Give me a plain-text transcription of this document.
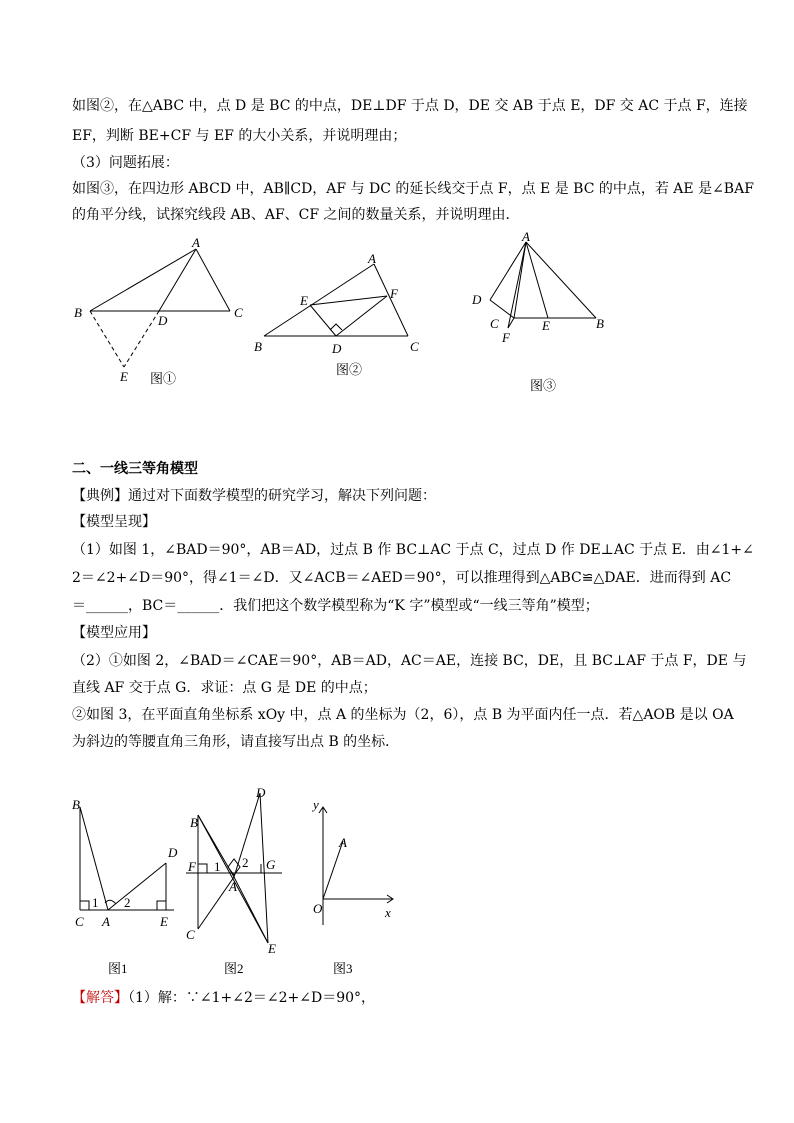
如图②，在△ABC 中，点 D 是 BC 的中点，DE⊥DF 于点 D，DE 交 AB 于点 E，DF 交 AC 于点 F，连接
EF，判断 BE+CF 与 EF 的大小关系，并说明理由；
（3）问题拓展：
如图③，在四边形 ABCD 中，AB∥CD，AF 与 DC 的延长线交于点 F，点 E 是 BC 的中点，若 AE 是∠BAF
的角平分线，试探究线段 AB、AF、CF 之间的数量关系，并说明理由．
A
B	C
D
E 图①
A
B	C
D
E	F
图②
A
D
C	E	B
F
图③
二、一线三等角模型
【典例】通过对下面数学模型的研究学习，解决下列问题：
【模型呈现】
（1）如图 1，∠BAD＝90°，AB＝AD，过点 B 作 BC⊥AC 于点 C，过点 D 作 DE⊥AC 于点 E．由∠1+∠
2＝∠2+∠D＝90°，得∠1＝∠D．又∠ACB＝∠AED＝90°，可以推理得到△ABC≌△DAE．进而得到 AC
＝______，BC＝______．我们把这个数学模型称为“K 字”模型或“一线三等角”模型；
【模型应用】
（2）①如图 2，∠BAD＝∠CAE＝90°，AB＝AD，AC＝AE，连接 BC，DE，且 BC⊥AF 于点 F，DE 与
直线 AF 交于点 G．求证：点 G 是 DE 的中点；
②如图 3，在平面直角坐标系 xOy 中，点 A 的坐标为（2，6），点 B 为平面内任一点．若△AOB 是以 OA
为斜边的等腰直角三角形，请直接写出点 B 的坐标．
B
D
C A	E
1 2
图1
B
D
F	G
A
C
E
1 2
图2
y
x
O
A
图3
【解答】（1）解：∵∠1+∠2＝∠2+∠D＝90°，
